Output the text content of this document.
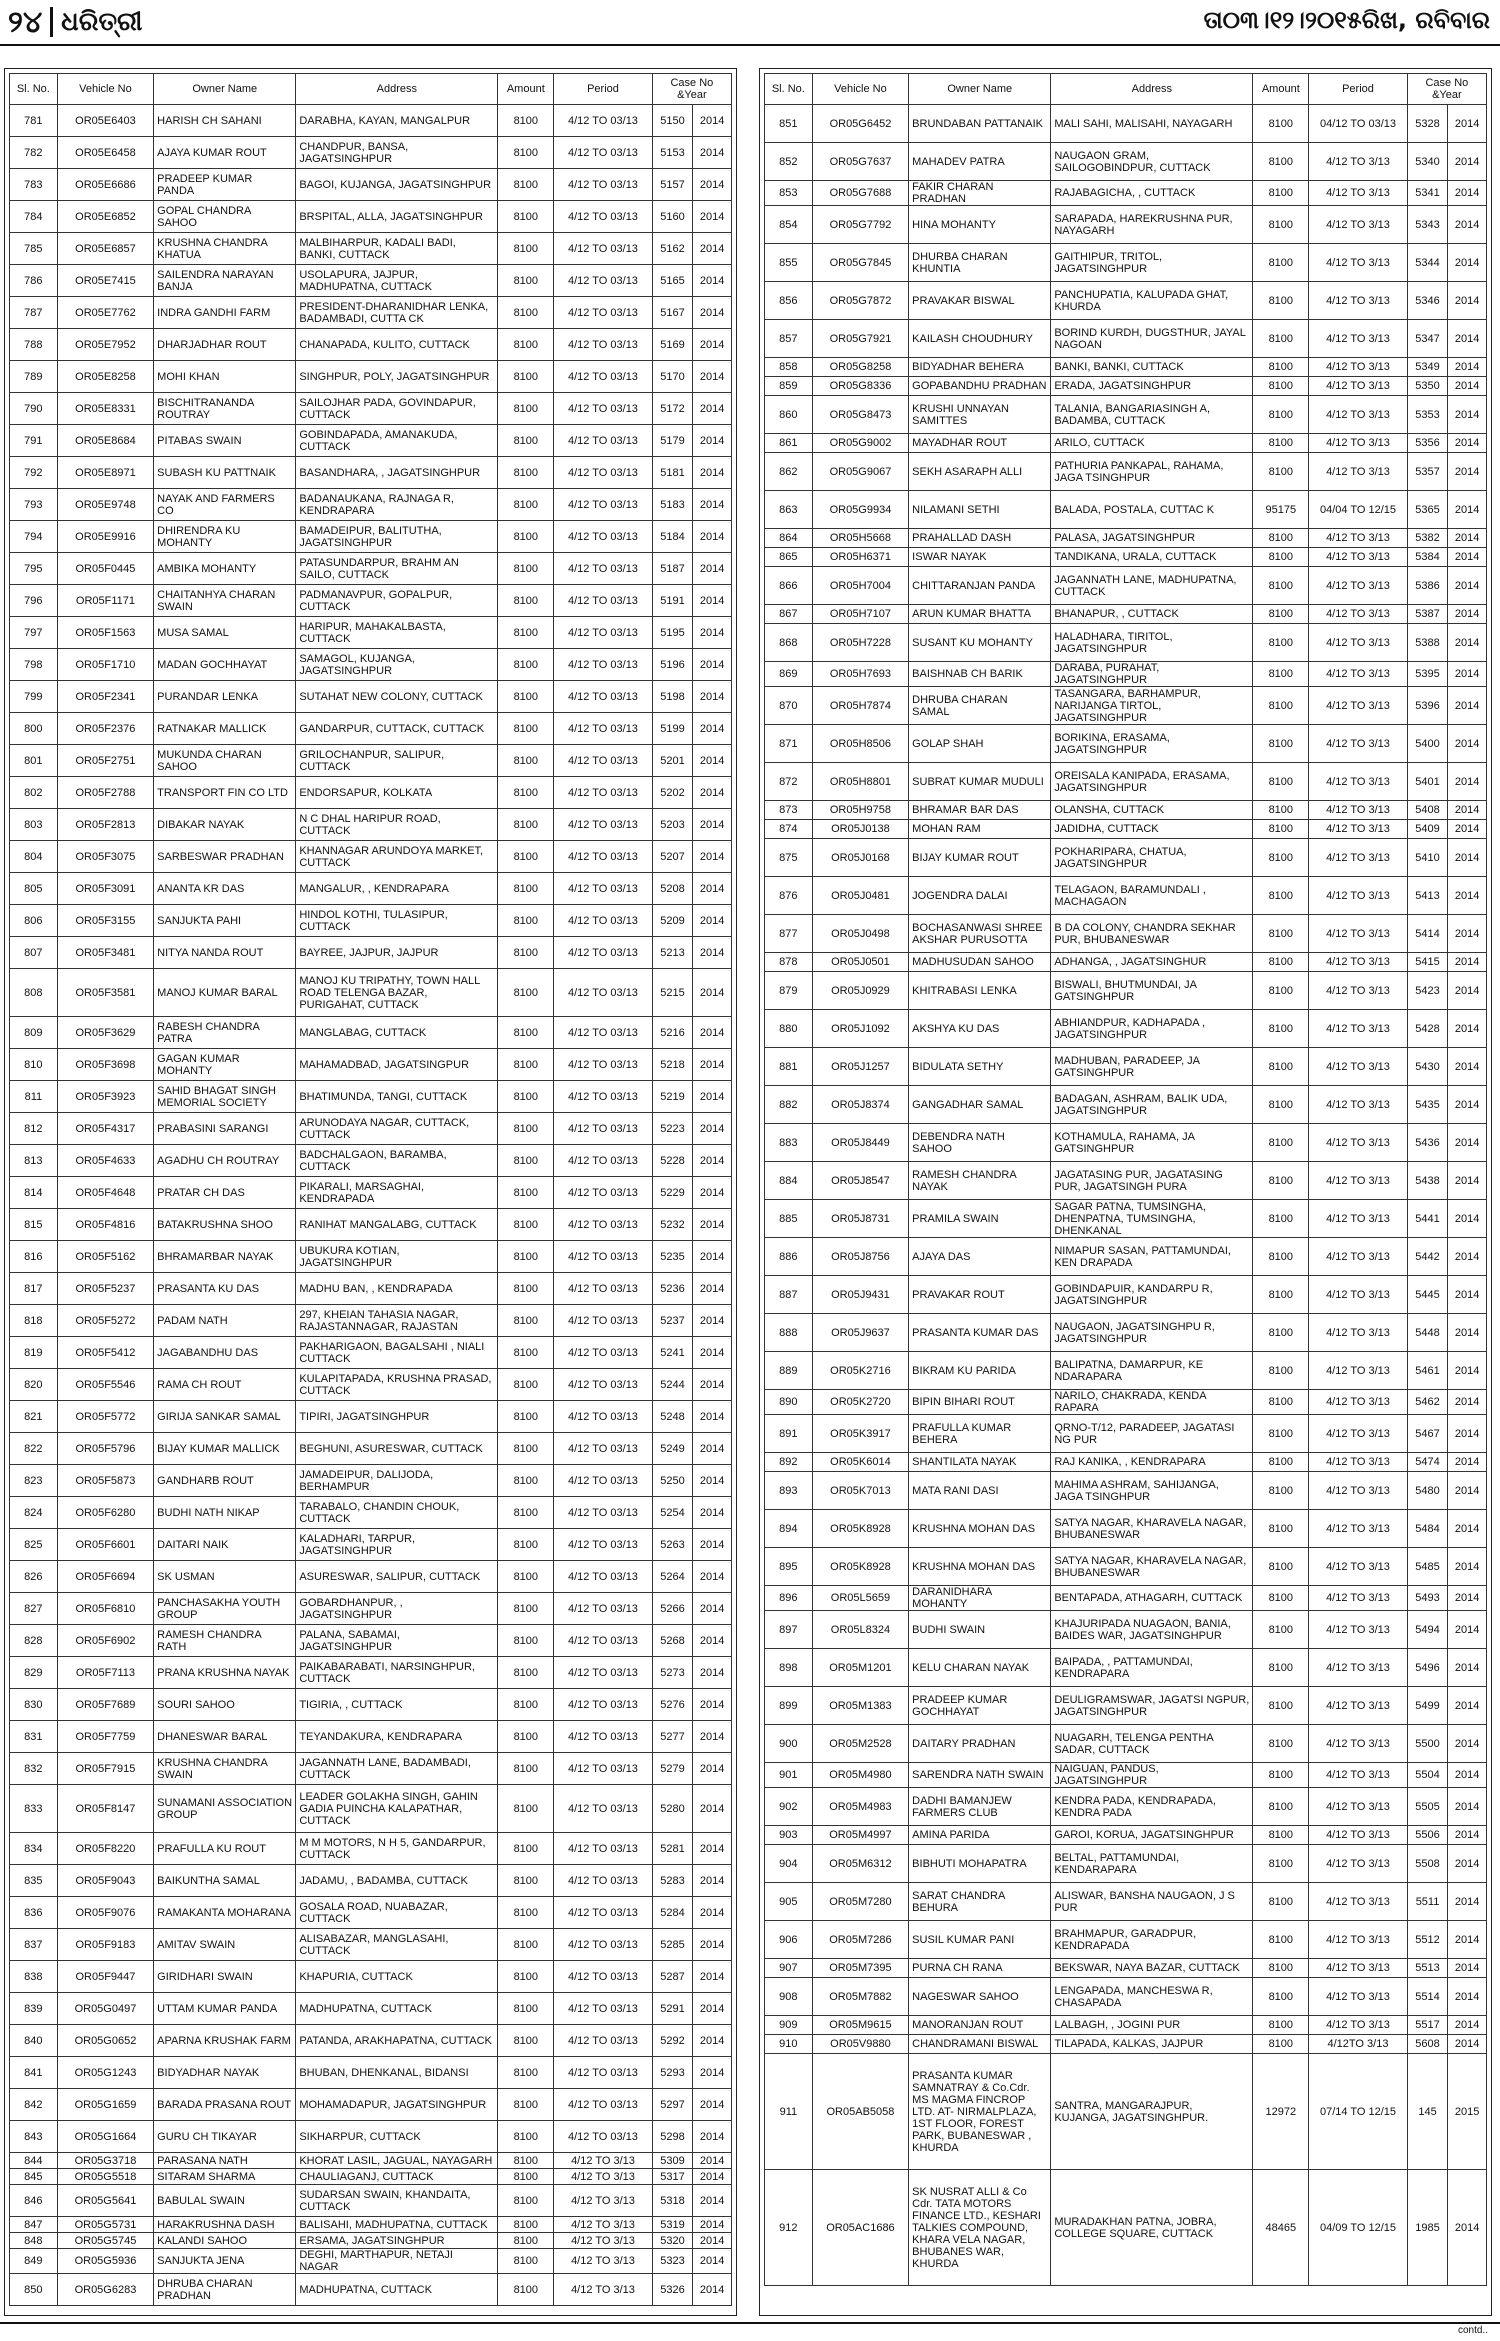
୨୪ ଧରିତ୍ରୀ	ତା୦୩।୧୨।୨୦୧୫ରିଖ, ରବିବାର
Sl. No.	Vehicle No	Owner Name	Address	Amount	Period	Case No &Year	
781	OR05E6403	HARISH CH SAHANI	DARABHA, KAYAN, MANGALPUR	8100	4/12 TO 03/13	5150	2014
782	OR05E6458	AJAYA KUMAR ROUT	CHANDPUR, BANSA, JAGATSINGHPUR	8100	4/12 TO 03/13	5153	2014
783	OR05E6686	PRADEEP KUMAR PANDA	BAGOI, KUJANGA, JAGATSINGHPUR	8100	4/12 TO 03/13	5157	2014
784	OR05E6852	GOPAL CHANDRA SAHOO	BRSPITAL, ALLA, JAGATSINGHPUR	8100	4/12 TO 03/13	5160	2014
785	OR05E6857	KRUSHNA CHANDRA KHATUA	MALBIHARPUR, KADALI BADI, BANKI, CUTTACK	8100	4/12 TO 03/13	5162	2014
786	OR05E7415	SAILENDRA NARAYAN BANJA	USOLAPURA, JAJPUR, MADHUPATNA, CUTTACK	8100	4/12 TO 03/13	5165	2014
787	OR05E7762	INDRA GANDHI FARM	PRESIDENT-DHARANIDHAR LENKA, BADAMBADI, CUTTA CK	8100	4/12 TO 03/13	5167	2014
788	OR05E7952	DHARJADHAR ROUT	CHANAPADA, KULITO, CUTTACK	8100	4/12 TO 03/13	5169	2014
789	OR05E8258	MOHI KHAN	SINGHPUR, POLY, JAGATSINGHPUR	8100	4/12 TO 03/13	5170	2014
790	OR05E8331	BISCHITRANANDA ROUTRAY	SAILOJHAR PADA, GOVINDAPUR, CUTTACK	8100	4/12 TO 03/13	5172	2014
791	OR05E8684	PITABAS SWAIN	GOBINDAPADA, AMANAKUDA, CUTTACK	8100	4/12 TO 03/13	5179	2014
792	OR05E8971	SUBASH KU PATTNAIK	BASANDHARA, , JAGATSINGHPUR	8100	4/12 TO 03/13	5181	2014
793	OR05E9748	NAYAK AND FARMERS CO	BADANAUKANA, RAJNAGA R, KENDRAPARA	8100	4/12 TO 03/13	5183	2014
794	OR05E9916	DHIRENDRA KU MOHANTY	BAMADEIPUR, BALITUTHA, JAGATSINGHPUR	8100	4/12 TO 03/13	5184	2014
795	OR05F0445	AMBIKA MOHANTY	PATASUNDARPUR, BRAHM AN SAILO, CUTTACK	8100	4/12 TO 03/13	5187	2014
796	OR05F1171	CHAITANHYA CHARAN SWAIN	PADMANAVPUR, GOPALPUR, CUTTACK	8100	4/12 TO 03/13	5191	2014
797	OR05F1563	MUSA SAMAL	HARIPUR, MAHAKALBASTA, CUTTACK	8100	4/12 TO 03/13	5195	2014
798	OR05F1710	MADAN GOCHHAYAT	SAMAGOL, KUJANGA, JAGATSINGHPUR	8100	4/12 TO 03/13	5196	2014
799	OR05F2341	PURANDAR LENKA	SUTAHAT NEW COLONY, CUTTACK	8100	4/12 TO 03/13	5198	2014
800	OR05F2376	RATNAKAR MALLICK	GANDARPUR, CUTTACK, CUTTACK	8100	4/12 TO 03/13	5199	2014
801	OR05F2751	MUKUNDA CHARAN SAHOO	GRILOCHANPUR, SALIPUR, CUTTACK	8100	4/12 TO 03/13	5201	2014
802	OR05F2788	TRANSPORT FIN CO LTD	ENDORSAPUR, KOLKATA	8100	4/12 TO 03/13	5202	2014
803	OR05F2813	DIBAKAR NAYAK	N C DHAL HARIPUR ROAD, CUTTACK	8100	4/12 TO 03/13	5203	2014
804	OR05F3075	SARBESWAR PRADHAN	KHANNAGAR ARUNDOYA MARKET, CUTTACK	8100	4/12 TO 03/13	5207	2014
805	OR05F3091	ANANTA KR DAS	MANGALUR, , KENDRAPARA	8100	4/12 TO 03/13	5208	2014
806	OR05F3155	SANJUKTA PAHI	HINDOL KOTHI, TULASIPUR, CUTTACK	8100	4/12 TO 03/13	5209	2014
807	OR05F3481	NITYA NANDA ROUT	BAYREE, JAJPUR, JAJPUR	8100	4/12 TO 03/13	5213	2014
808	OR05F3581	MANOJ KUMAR BARAL	MANOJ KU TRIPATHY, TOWN HALL ROAD TELENGA BAZAR, PURIGAHAT, CUTTACK	8100	4/12 TO 03/13	5215	2014
809	OR05F3629	RABESH CHANDRA PATRA	MANGLABAG, CUTTACK	8100	4/12 TO 03/13	5216	2014
810	OR05F3698	GAGAN KUMAR MOHANTY	MAHAMADBAD, JAGATSINGPUR	8100	4/12 TO 03/13	5218	2014
811	OR05F3923	SAHID BHAGAT SINGH MEMORIAL SOCIETY	BHATIMUNDA, TANGI, CUTTACK	8100	4/12 TO 03/13	5219	2014
812	OR05F4317	PRABASINI SARANGI	ARUNODAYA NAGAR, CUTTACK, CUTTACK	8100	4/12 TO 03/13	5223	2014
813	OR05F4633	AGADHU CH ROUTRAY	BADCHALGAON, BARAMBA, CUTTACK	8100	4/12 TO 03/13	5228	2014
814	OR05F4648	PRATAR CH DAS	PIKARALI, MARSAGHAI, KENDRAPADA	8100	4/12 TO 03/13	5229	2014
815	OR05F4816	BATAKRUSHNA SHOO	RANIHAT MANGALABG, CUTTACK	8100	4/12 TO 03/13	5232	2014
816	OR05F5162	BHRAMARBAR NAYAK	UBUKURA KOTIAN, JAGATSINGHPUR	8100	4/12 TO 03/13	5235	2014
817	OR05F5237	PRASANTA KU DAS	MADHU BAN, , KENDRAPADA	8100	4/12 TO 03/13	5236	2014
818	OR05F5272	PADAM NATH	297, KHEIAN TAHASIA NAGAR, RAJASTANNAGAR, RAJASTAN	8100	4/12 TO 03/13	5237	2014
819	OR05F5412	JAGABANDHU DAS	PAKHARIGAON, BAGALSAHI , NIALI CUTTACK	8100	4/12 TO 03/13	5241	2014
820	OR05F5546	RAMA CH ROUT	KULAPITAPADA, KRUSHNA PRASAD, CUTTACK	8100	4/12 TO 03/13	5244	2014
821	OR05F5772	GIRIJA SANKAR SAMAL	TIPIRI, JAGATSINGHPUR	8100	4/12 TO 03/13	5248	2014
822	OR05F5796	BIJAY KUMAR MALLICK	BEGHUNI, ASURESWAR, CUTTACK	8100	4/12 TO 03/13	5249	2014
823	OR05F5873	GANDHARB ROUT	JAMADEIPUR, DALIJODA, BERHAMPUR	8100	4/12 TO 03/13	5250	2014
824	OR05F6280	BUDHI NATH NIKAP	TARABALO, CHANDIN CHOUK, CUTTACK	8100	4/12 TO 03/13	5254	2014
825	OR05F6601	DAITARI NAIK	KALADHARI, TARPUR, JAGATSINGHPUR	8100	4/12 TO 03/13	5263	2014
826	OR05F6694	SK USMAN	ASURESWAR, SALIPUR, CUTTACK	8100	4/12 TO 03/13	5264	2014
827	OR05F6810	PANCHASAKHA YOUTH GROUP	GOBARDHANPUR, , JAGATSINGHPUR	8100	4/12 TO 03/13	5266	2014
828	OR05F6902	RAMESH CHANDRA RATH	PALANA, SABAMAI, JAGATSINGHPUR	8100	4/12 TO 03/13	5268	2014
829	OR05F7113	PRANA KRUSHNA NAYAK	PAIKABARABATI, NARSINGHPUR, CUTTACK	8100	4/12 TO 03/13	5273	2014
830	OR05F7689	SOURI SAHOO	TIGIRIA, , CUTTACK	8100	4/12 TO 03/13	5276	2014
831	OR05F7759	DHANESWAR BARAL	TEYANDAKURA, KENDRAPARA	8100	4/12 TO 03/13	5277	2014
832	OR05F7915	KRUSHNA CHANDRA SWAIN	JAGANNATH LANE, BADAMBADI, CUTTACK	8100	4/12 TO 03/13	5279	2014
833	OR05F8147	SUNAMANI ASSOCIATION GROUP	LEADER GOLAKHA SINGH, GAHIN GADIA PUINCHA KALAPATHAR, CUTTACK	8100	4/12 TO 03/13	5280	2014
834	OR05F8220	PRAFULLA KU ROUT	M M MOTORS, N H 5, GANDARPUR, CUTTACK	8100	4/12 TO 03/13	5281	2014
835	OR05F9043	BAIKUNTHA SAMAL	JADAMU, , BADAMBA, CUTTACK	8100	4/12 TO 03/13	5283	2014
836	OR05F9076	RAMAKANTA MOHARANA	GOSALA ROAD, NUABAZAR, CUTTACK	8100	4/12 TO 03/13	5284	2014
837	OR05F9183	AMITAV SWAIN	ALISABAZAR, MANGLASAHI, CUTTACK	8100	4/12 TO 03/13	5285	2014
838	OR05F9447	GIRIDHARI SWAIN	KHAPURIA, CUTTACK	8100	4/12 TO 03/13	5287	2014
839	OR05G0497	UTTAM KUMAR PANDA	MADHUPATNA, CUTTACK	8100	4/12 TO 03/13	5291	2014
840	OR05G0652	APARNA KRUSHAK FARM	PATANDA, ARAKHAPATNA, CUTTACK	8100	4/12 TO 03/13	5292	2014
841	OR05G1243	BIDYADHAR NAYAK	BHUBAN, DHENKANAL, BIDANSI	8100	4/12 TO 03/13	5293	2014
842	OR05G1659	BARADA PRASANA ROUT	MOHAMADAPUR, JAGATSINGHPUR	8100	4/12 TO 03/13	5297	2014
843	OR05G1664	GURU CH TIKAYAR	SIKHARPUR, CUTTACK	8100	4/12 TO 03/13	5298	2014
844	OR05G3718	PARASANA NATH	KHORAT LASIL, JAGUAL, NAYAGARH	8100	4/12 TO 3/13	5309	2014
845	OR05G5518	SITARAM SHARMA	CHAULIAGANJ, CUTTACK	8100	4/12 TO 3/13	5317	2014
846	OR05G5641	BABULAL SWAIN	SUDARSAN SWAIN, KHANDAITA, CUTTACK	8100	4/12 TO 3/13	5318	2014
847	OR05G5731	HARAKRUSHNA DASH	BALISAHI, MADHUPATNA, CUTTACK	8100	4/12 TO 3/13	5319	2014
848	OR05G5745	KALANDI SAHOO	ERSAMA, JAGATSINGHPUR	8100	4/12 TO 3/13	5320	2014
849	OR05G5936	SANJUKTA JENA	DEGHI, MARTHAPUR, NETAJI NAGAR	8100	4/12 TO 3/13	5323	2014
850	OR05G6283	DHRUBA CHARAN PRADHAN	MADHUPATNA, CUTTACK	8100	4/12 TO 3/13	5326	2014
Sl. No.	Vehicle No	Owner Name	Address	Amount	Period	Case No &Year	
851	OR05G6452	BRUNDABAN PATTANAIK	MALI SAHI, MALISAHI, NAYAGARH	8100	04/12 TO 03/13	5328	2014
852	OR05G7637	MAHADEV PATRA	NAUGAON GRAM, SAILOGOBINDPUR, CUTTACK	8100	4/12 TO 3/13	5340	2014
853	OR05G7688	FAKIR CHARAN PRADHAN	RAJABAGICHA, , CUTTACK	8100	4/12 TO 3/13	5341	2014
854	OR05G7792	HINA MOHANTY	SARAPADA, HAREKRUSHNA PUR, NAYAGARH	8100	4/12 TO 3/13	5343	2014
855	OR05G7845	DHURBA CHARAN KHUNTIA	GAITHIPUR, TRITOL, JAGATSINGHPUR	8100	4/12 TO 3/13	5344	2014
856	OR05G7872	PRAVAKAR BISWAL	PANCHUPATIA, KALUPADA GHAT, KHURDA	8100	4/12 TO 3/13	5346	2014
857	OR05G7921	KAILASH CHOUDHURY	BORIND KURDH, DUGSTHUR, JAYAL NAGOAN	8100	4/12 TO 3/13	5347	2014
858	OR05G8258	BIDYADHAR BEHERA	BANKI, BANKI, CUTTACK	8100	4/12 TO 3/13	5349	2014
859	OR05G8336	GOPABANDHU PRADHAN	ERADA, JAGATSINGHPUR	8100	4/12 TO 3/13	5350	2014
860	OR05G8473	KRUSHI UNNAYAN SAMITTES	TALANIA, BANGARIASINGH A, BADAMBA, CUTTACK	8100	4/12 TO 3/13	5353	2014
861	OR05G9002	MAYADHAR ROUT	ARILO, CUTTACK	8100	4/12 TO 3/13	5356	2014
862	OR05G9067	SEKH ASARAPH ALLI	PATHURIA PANKAPAL, RAHAMA, JAGA TSINGHPUR	8100	4/12 TO 3/13	5357	2014
863	OR05G9934	NILAMANI SETHI	BALADA, POSTALA, CUTTAC K	95175	04/04 TO 12/15	5365	2014
864	OR05H5668	PRAHALLAD DASH	PALASA, JAGATSINGHPUR	8100	4/12 TO 3/13	5382	2014
865	OR05H6371	ISWAR NAYAK	TANDIKANA, URALA, CUTTACK	8100	4/12 TO 3/13	5384	2014
866	OR05H7004	CHITTARANJAN PANDA	JAGANNATH LANE, MADHUPATNA, CUTTACK	8100	4/12 TO 3/13	5386	2014
867	OR05H7107	ARUN KUMAR BHATTA	BHANAPUR, , CUTTACK	8100	4/12 TO 3/13	5387	2014
868	OR05H7228	SUSANT KU MOHANTY	HALADHARA, TIRITOL, JAGATSINGHPUR	8100	4/12 TO 3/13	5388	2014
869	OR05H7693	BAISHNAB CH BARIK	DARABA, PURAHAT, JAGATSINGHPUR	8100	4/12 TO 3/13	5395	2014
870	OR05H7874	DHRUBA CHARAN SAMAL	TASANGARA, BARHAMPUR, NARIJANGA TIRTOL, JAGATSINGHPUR	8100	4/12 TO 3/13	5396	2014
871	OR05H8506	GOLAP SHAH	BORIKINA, ERASAMA, JAGATSINGHPUR	8100	4/12 TO 3/13	5400	2014
872	OR05H8801	SUBRAT KUMAR MUDULI	OREISALA KANIPADA, ERASAMA, JAGATSINGHPUR	8100	4/12 TO 3/13	5401	2014
873	OR05H9758	BHRAMAR BAR DAS	OLANSHA, CUTTACK	8100	4/12 TO 3/13	5408	2014
874	OR05J0138	MOHAN RAM	JADIDHA, CUTTACK	8100	4/12 TO 3/13	5409	2014
875	OR05J0168	BIJAY KUMAR ROUT	POKHARIPARA, CHATUA, JAGATSINGHPUR	8100	4/12 TO 3/13	5410	2014
876	OR05J0481	JOGENDRA DALAI	TELAGAON, BARAMUNDALI , MACHAGAON	8100	4/12 TO 3/13	5413	2014
877	OR05J0498	BOCHASANWASI SHREE AKSHAR PURUSOTTA	B DA COLONY, CHANDRA SEKHAR PUR, BHUBANESWAR	8100	4/12 TO 3/13	5414	2014
878	OR05J0501	MADHUSUDAN SAHOO	ADHANGA, , JAGATSINGHUR	8100	4/12 TO 3/13	5415	2014
879	OR05J0929	KHITRABASI LENKA	BISWALI, BHUTMUNDAI, JA GATSINGHPUR	8100	4/12 TO 3/13	5423	2014
880	OR05J1092	AKSHYA KU DAS	ABHIANDPUR, KADHAPADA , JAGATSINGHPUR	8100	4/12 TO 3/13	5428	2014
881	OR05J1257	BIDULATA SETHY	MADHUBAN, PARADEEP, JA GATSINGHPUR	8100	4/12 TO 3/13	5430	2014
882	OR05J8374	GANGADHAR SAMAL	BADAGAN, ASHRAM, BALIK UDA, JAGATSINGHPUR	8100	4/12 TO 3/13	5435	2014
883	OR05J8449	DEBENDRA NATH SAHOO	KOTHAMULA, RAHAMA, JA GATSINGHPUR	8100	4/12 TO 3/13	5436	2014
884	OR05J8547	RAMESH CHANDRA NAYAK	JAGATASING PUR, JAGATASING PUR, JAGATSINGH PURA	8100	4/12 TO 3/13	5438	2014
885	OR05J8731	PRAMILA SWAIN	SAGAR PATNA, TUMSINGHA, DHENPATNA, TUMSINGHA, DHENKANAL	8100	4/12 TO 3/13	5441	2014
886	OR05J8756	AJAYA DAS	NIMAPUR SASAN, PATTAMUNDAI, KEN DRAPADA	8100	4/12 TO 3/13	5442	2014
887	OR05J9431	PRAVAKAR ROUT	GOBINDAPUIR, KANDARPU R, JAGATSINGHPUR	8100	4/12 TO 3/13	5445	2014
888	OR05J9637	PRASANTA KUMAR DAS	NAUGAON, JAGATSINGHPU R, JAGATSINGHPUR	8100	4/12 TO 3/13	5448	2014
889	OR05K2716	BIKRAM KU PARIDA	BALIPATNA, DAMARPUR, KE NDARAPARA	8100	4/12 TO 3/13	5461	2014
890	OR05K2720	BIPIN BIHARI ROUT	NARILO, CHAKRADA, KENDA RAPARA	8100	4/12 TO 3/13	5462	2014
891	OR05K3917	PRAFULLA KUMAR BEHERA	QRNO-T/12, PARADEEP, JAGATASI NG PUR	8100	4/12 TO 3/13	5467	2014
892	OR05K6014	SHANTILATA NAYAK	RAJ KANIKA, , KENDRAPARA	8100	4/12 TO 3/13	5474	2014
893	OR05K7013	MATA RANI DASI	MAHIMA ASHRAM, SAHIJANGA, JAGA TSINGHPUR	8100	4/12 TO 3/13	5480	2014
894	OR05K8928	KRUSHNA MOHAN DAS	SATYA NAGAR, KHARAVELA NAGAR, BHUBANESWAR	8100	4/12 TO 3/13	5484	2014
895	OR05K8928	KRUSHNA MOHAN DAS	SATYA NAGAR, KHARAVELA NAGAR, BHUBANESWAR	8100	4/12 TO 3/13	5485	2014
896	OR05L5659	DARANIDHARA MOHANTY	BENTAPADA, ATHAGARH, CUTTACK	8100	4/12 TO 3/13	5493	2014
897	OR05L8324	BUDHI SWAIN	KHAJURIPADA NUAGAON, BANIA, BAIDES WAR, JAGATSINGHPUR	8100	4/12 TO 3/13	5494	2014
898	OR05M1201	KELU CHARAN NAYAK	BAIPADA, , PATTAMUNDAI, KENDRAPARA	8100	4/12 TO 3/13	5496	2014
899	OR05M1383	PRADEEP KUMAR GOCHHAYAT	DEULIGRAMSWAR, JAGATSI NGPUR, JAGATSINGHPUR	8100	4/12 TO 3/13	5499	2014
900	OR05M2528	DAITARY PRADHAN	NUAGARH, TELENGA PENTHA SADAR, CUTTACK	8100	4/12 TO 3/13	5500	2014
901	OR05M4980	SARENDRA NATH SWAIN	NAIGUAN, PANDUS, JAGATSINGHPUR	8100	4/12 TO 3/13	5504	2014
902	OR05M4983	DADHI BAMANJEW FARMERS CLUB	KENDRA PADA, KENDRAPADA, KENDRA PADA	8100	4/12 TO 3/13	5505	2014
903	OR05M4997	AMINA PARIDA	GAROI, KORUA, JAGATSINGHPUR	8100	4/12 TO 3/13	5506	2014
904	OR05M6312	BIBHUTI MOHAPATRA	BELTAL, PATTAMUNDAI, KENDARAPARA	8100	4/12 TO 3/13	5508	2014
905	OR05M7280	SARAT CHANDRA BEHURA	ALISWAR, BANSHA NAUGAON, J S PUR	8100	4/12 TO 3/13	5511	2014
906	OR05M7286	SUSIL KUMAR PANI	BRAHMAPUR, GARADPUR, KENDRAPADA	8100	4/12 TO 3/13	5512	2014
907	OR05M7395	PURNA CH RANA	BEKSWAR, NAYA BAZAR, CUTTACK	8100	4/12 TO 3/13	5513	2014
908	OR05M7882	NAGESWAR SAHOO	LENGAPADA, MANCHESWA R, CHASAPADA	8100	4/12 TO 3/13	5514	2014
909	OR05M9615	MANORANJAN ROUT	LALBAGH, , JOGINI PUR	8100	4/12 TO 3/13	5517	2014
910	OR05V9880	CHANDRAMANI BISWAL	TILAPADA, KALKAS, JAJPUR	8100	4/12TO 3/13	5608	2014
911	OR05AB5058	PRASANTA KUMAR SAMNATRAY & Co.Cdr. MS MAGMA FINCROP LTD. AT- NIRMALPLAZA, 1ST FLOOR, FOREST PARK, BUBANESWAR , KHURDA	SANTRA, MANGARAJPUR, KUJANGA, JAGATSINGHPUR.	12972	07/14 TO 12/15	145	2015
912	OR05AC1686	SK NUSRAT ALLI & Co Cdr. TATA MOTORS FINANCE LTD., KESHARI TALKIES COMPOUND, KHARA VELA NAGAR, BHUBANES WAR, KHURDA	MURADAKHAN PATNA, JOBRA, COLLEGE SQUARE, CUTTACK	48465	04/09 TO 12/15	1985	2014
contd..
